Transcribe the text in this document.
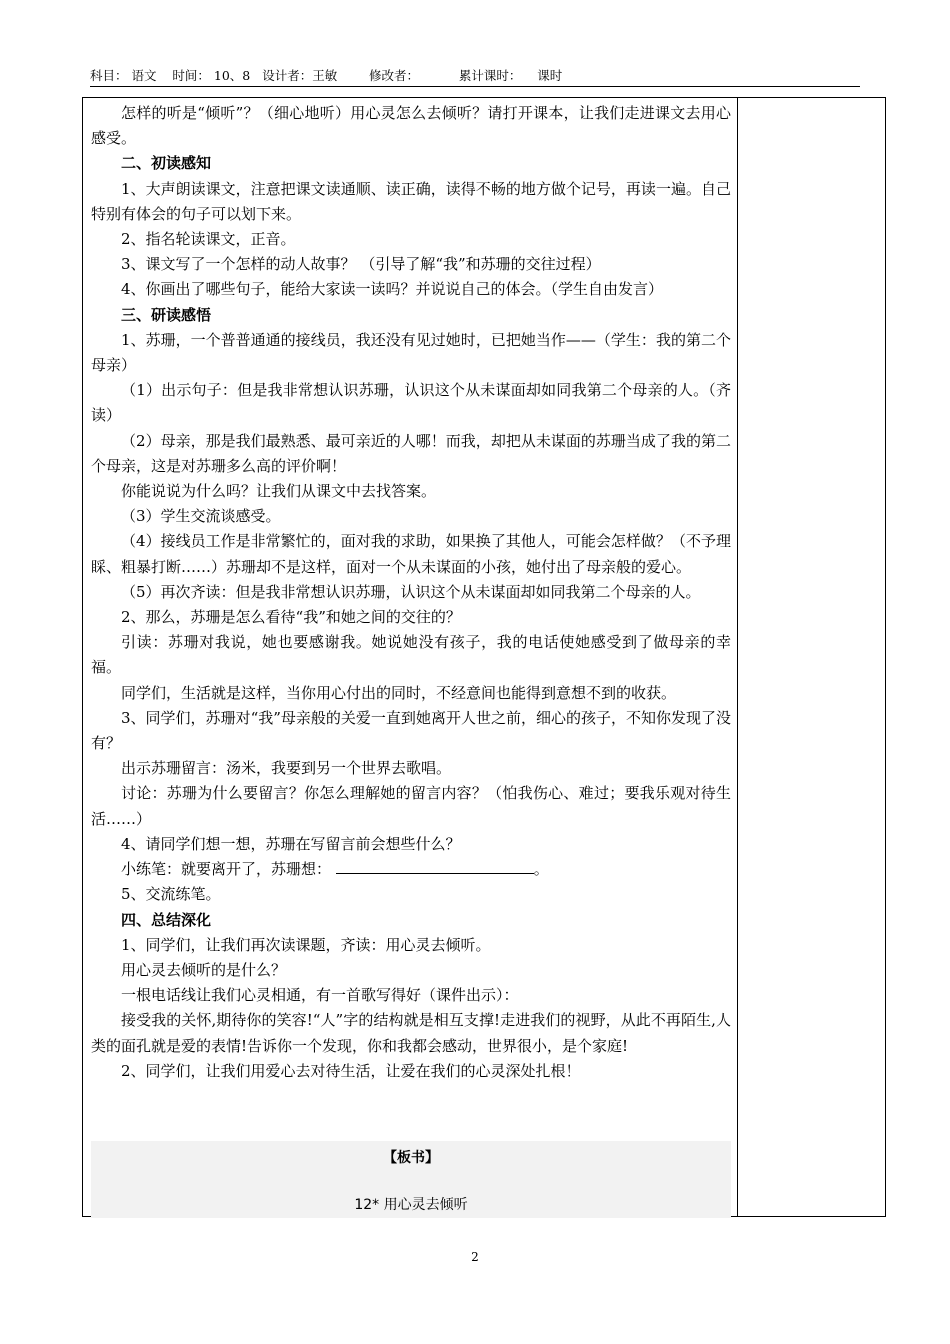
科目： 语文 时间： 10、8 设计者：王敏	修改者：	累计课时： 课时

怎样的听是“倾听”？（细心地听）用心灵怎么去倾听？请打开课本，让我们走进课文去用心感受。

二、初读感知

1、大声朗读课文，注意把课文读通顺、读正确，读得不畅的地方做个记号，再读一遍。自己特别有体会的句子可以划下来。

2、指名轮读课文，正音。

3、课文写了一个怎样的动人故事？ （引导了解“我”和苏珊的交往过程）

4、你画出了哪些句子，能给大家读一读吗？并说说自己的体会。（学生自由发言）

三、研读感悟

1、苏珊，一个普普通通的接线员，我还没有见过她时，已把她当作——（学生：我的第二个母亲）

（1）出示句子：但是我非常想认识苏珊，认识这个从未谋面却如同我第二个母亲的人。（齐读）

（2）母亲，那是我们最熟悉、最可亲近的人哪！而我，却把从未谋面的苏珊当成了我的第二个母亲，这是对苏珊多么高的评价啊！

你能说说为什么吗？让我们从课文中去找答案。

（3）学生交流谈感受。

（4）接线员工作是非常繁忙的，面对我的求助，如果换了其他人，可能会怎样做？（不予理睬、粗暴打断……）苏珊却不是这样，面对一个从未谋面的小孩，她付出了母亲般的爱心。

（5）再次齐读：但是我非常想认识苏珊，认识这个从未谋面却如同我第二个母亲的人。

2、那么，苏珊是怎么看待“我”和她之间的交往的？

引读：苏珊对我说，她也要感谢我。她说她没有孩子，我的电话使她感受到了做母亲的幸福。

同学们，生活就是这样，当你用心付出的同时，不经意间也能得到意想不到的收获。

3、同学们，苏珊对“我”母亲般的关爱一直到她离开人世之前，细心的孩子，不知你发现了没有？

出示苏珊留言：汤米，我要到另一个世界去歌唱。

讨论：苏珊为什么要留言？你怎么理解她的留言内容？（怕我伤心、难过；要我乐观对待生活……）

4、请同学们想一想，苏珊在写留言前会想些什么？

小练笔：就要离开了，苏珊想：	。

5、交流练笔。

四、总结深化

1、同学们，让我们再次读课题，齐读：用心灵去倾听。

用心灵去倾听的是什么？

一根电话线让我们心灵相通，有一首歌写得好（课件出示）：

接受我的关怀,期待你的笑容!“人”字的结构就是相互支撑!走进我们的视野，从此不再陌生,人类的面孔就是爱的表情!告诉你一个发现，你和我都会感动，世界很小，是个家庭!

2、同学们，让我们用爱心去对待生活，让爱在我们的心灵深处扎根！

【板书】
12* 用心灵去倾听
2
